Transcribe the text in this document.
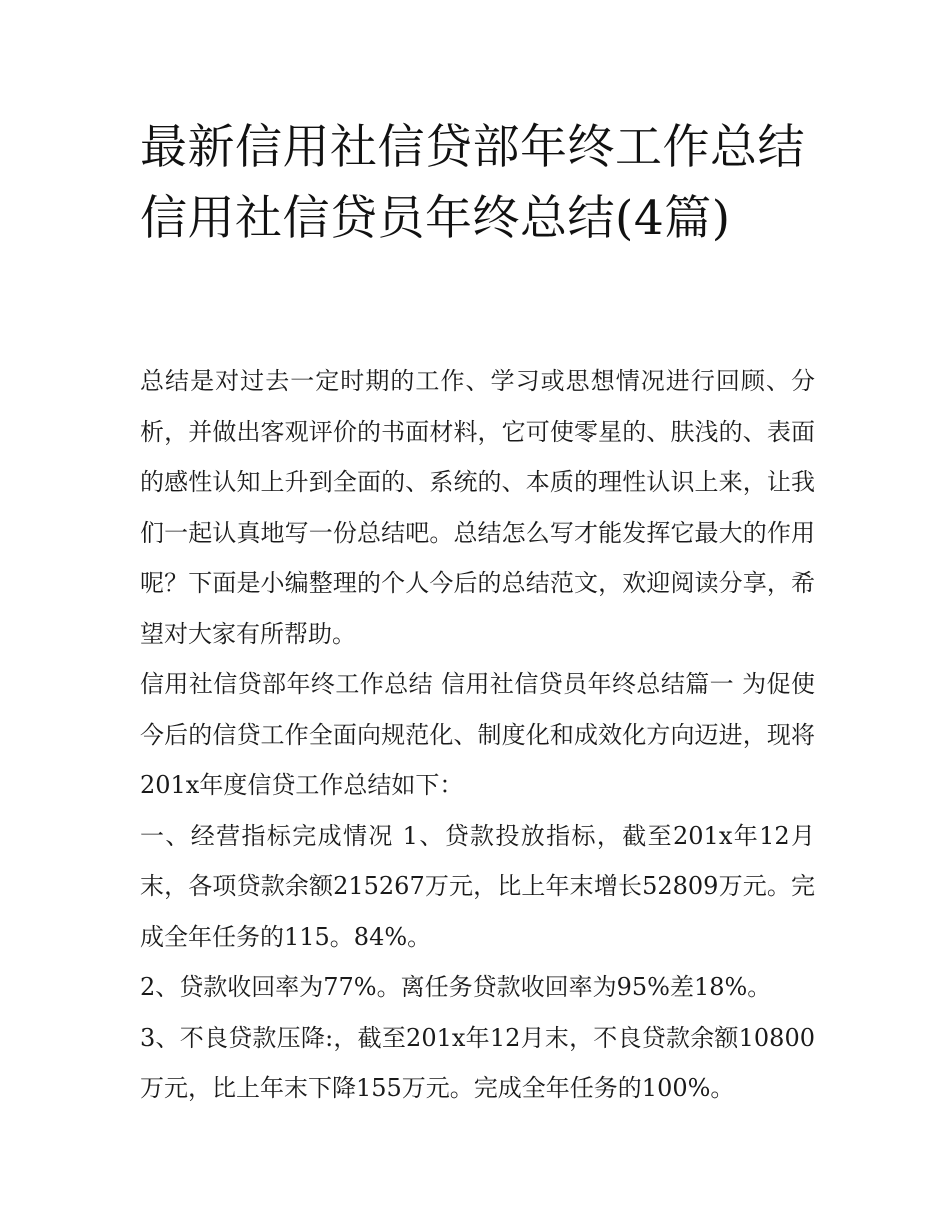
最新信用社信贷部年终工作总结 信用社信贷员年终总结(4篇)

总结是对过去一定时期的工作、学习或思想情况进行回顾、分析，并做出客观评价的书面材料，它可使零星的、肤浅的、表面的感性认知上升到全面的、系统的、本质的理性认识上来，让我们一起认真地写一份总结吧。总结怎么写才能发挥它最大的作用呢？下面是小编整理的个人今后的总结范文，欢迎阅读分享，希望对大家有所帮助。

信用社信贷部年终工作总结 信用社信贷员年终总结篇一 为促使今后的信贷工作全面向规范化、制度化和成效化方向迈进，现将201x年度信贷工作总结如下：

一、经营指标完成情况 1、贷款投放指标，截至201x年12月末，各项贷款余额215267万元，比上年末增长52809万元。完成全年任务的115。84%。

2、贷款收回率为77%。离任务贷款收回率为95%差18%。

3、不良贷款压降:，截至201x年12月末，不良贷款余额10800万元，比上年末下降155万元。完成全年任务的100%。
